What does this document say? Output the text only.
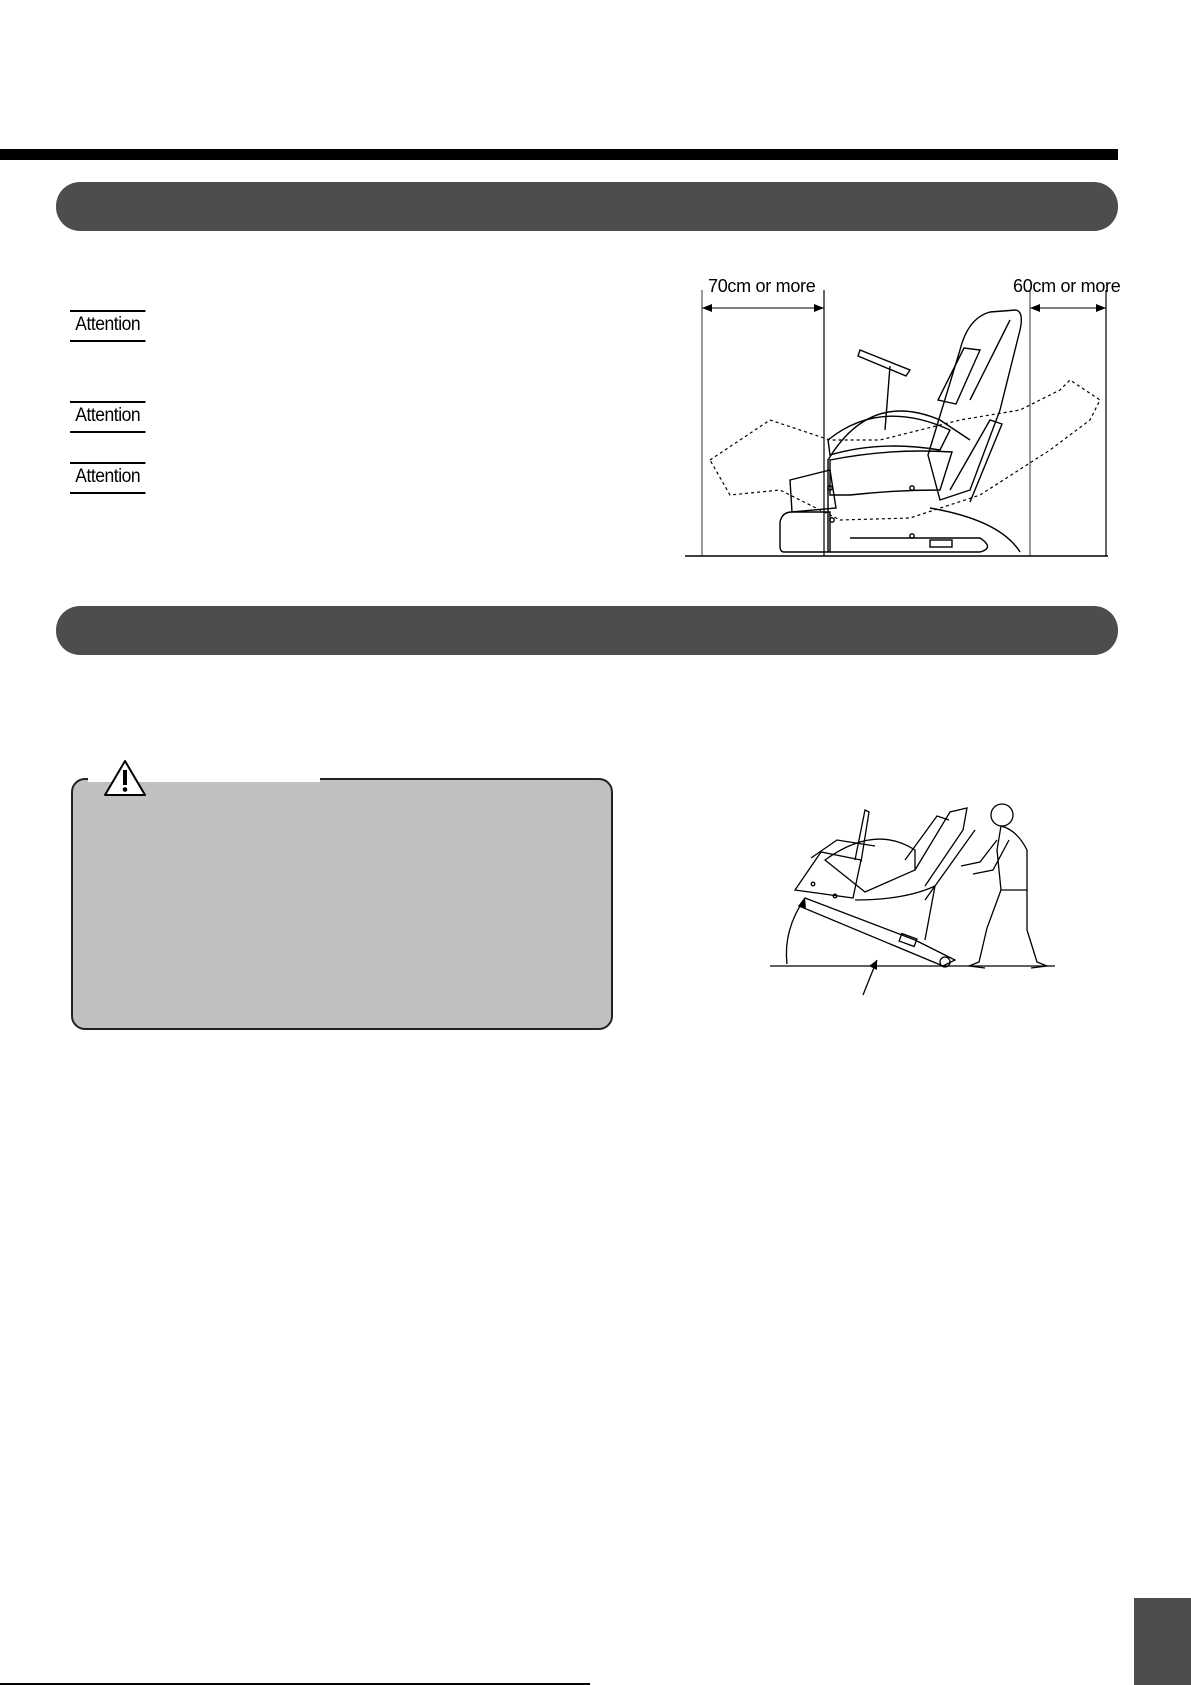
Attention
Attention
Attention
70cm or more	60cm or more
